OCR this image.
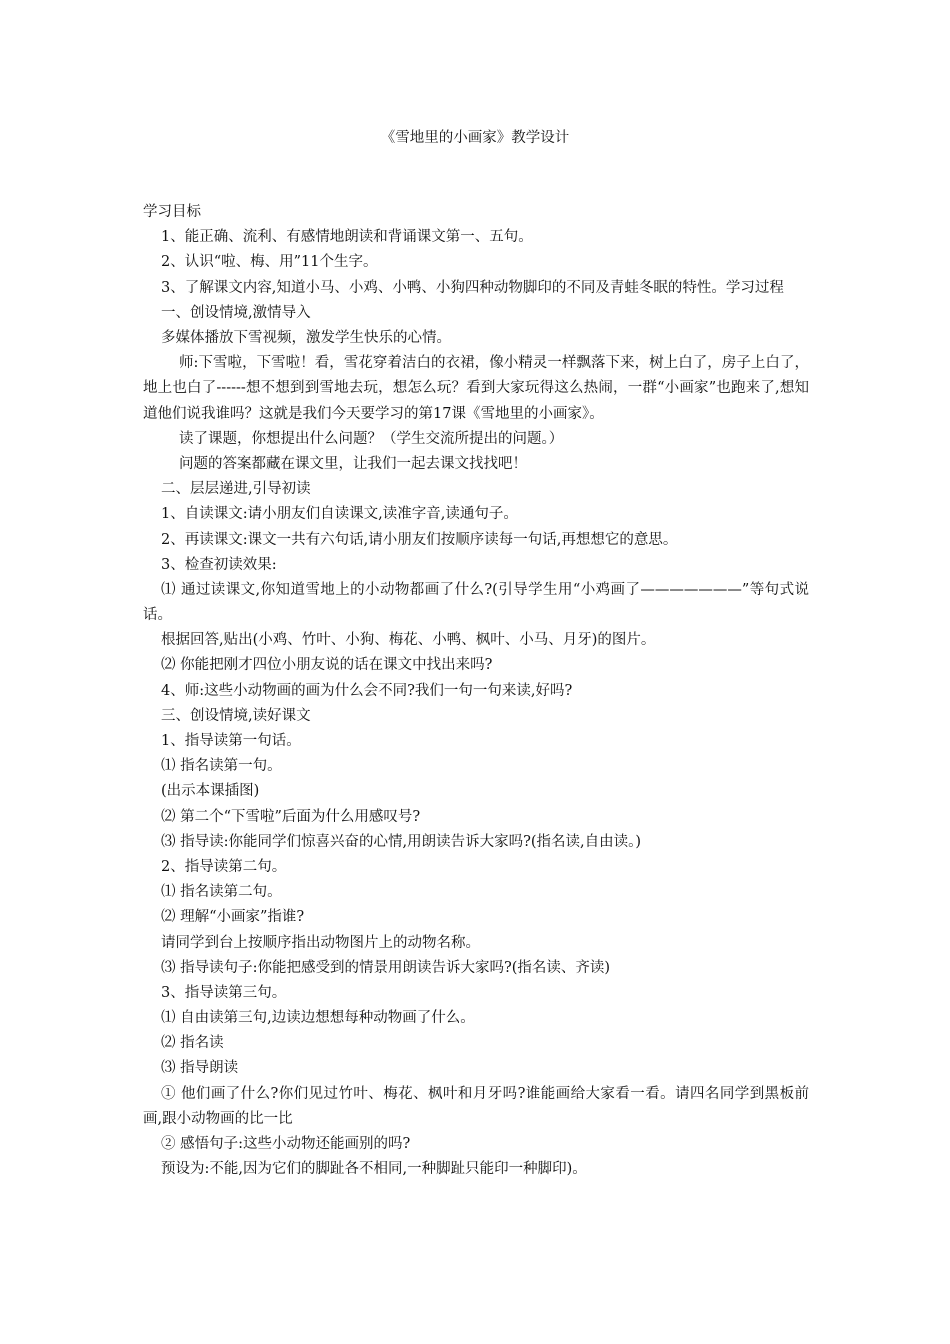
《雪地里的小画家》教学设计
学习目标
1、能正确、流利、有感情地朗读和背诵课文第一、五句。
2、认识“啦、梅、用”11个生字。
3、了解课文内容,知道小马、小鸡、小鸭、小狗四种动物脚印的不同及青蛙冬眠的特性。学习过程
一、创设情境,激情导入
多媒体播放下雪视频，激发学生快乐的心情。
师:下雪啦，下雪啦！看，雪花穿着洁白的衣裙，像小精灵一样飘落下来，树上白了，房子上白了，地上也白了------想不想到到雪地去玩，想怎么玩？看到大家玩得这么热闹，一群“小画家”也跑来了,想知道他们说我谁吗？这就是我们今天要学习的第17课《雪地里的小画家》。
读了课题，你想提出什么问题？（学生交流所提出的问题。）
问题的答案都藏在课文里，让我们一起去课文找找吧！
二、层层递进,引导初读
1、自读课文:请小朋友们自读课文,读准字音,读通句子。
2、再读课文:课文一共有六句话,请小朋友们按顺序读每一句话,再想想它的意思。
3、检查初读效果:
⑴ 通过读课文,你知道雪地上的小动物都画了什么?(引导学生用“小鸡画了———————”等句式说话。
根据回答,贴出(小鸡、竹叶、小狗、梅花、小鸭、枫叶、小马、月牙)的图片。
⑵ 你能把刚才四位小朋友说的话在课文中找出来吗?
4、师:这些小动物画的画为什么会不同?我们一句一句来读,好吗?
三、创设情境,读好课文
1、指导读第一句话。
⑴ 指名读第一句。
(出示本课插图)
⑵ 第二个“下雪啦”后面为什么用感叹号?
⑶ 指导读:你能同学们惊喜兴奋的心情,用朗读告诉大家吗?(指名读,自由读。)
2、指导读第二句。
⑴ 指名读第二句。
⑵ 理解“小画家”指谁?
请同学到台上按顺序指出动物图片上的动物名称。
⑶ 指导读句子:你能把感受到的情景用朗读告诉大家吗?(指名读、齐读)
3、指导读第三句。
⑴ 自由读第三句,边读边想想每种动物画了什么。
⑵ 指名读
⑶ 指导朗读
① 他们画了什么?你们见过竹叶、梅花、枫叶和月牙吗?谁能画给大家看一看。请四名同学到黑板前画,跟小动物画的比一比
② 感悟句子:这些小动物还能画别的吗?
预设为:不能,因为它们的脚趾各不相同,一种脚趾只能印一种脚印)。
